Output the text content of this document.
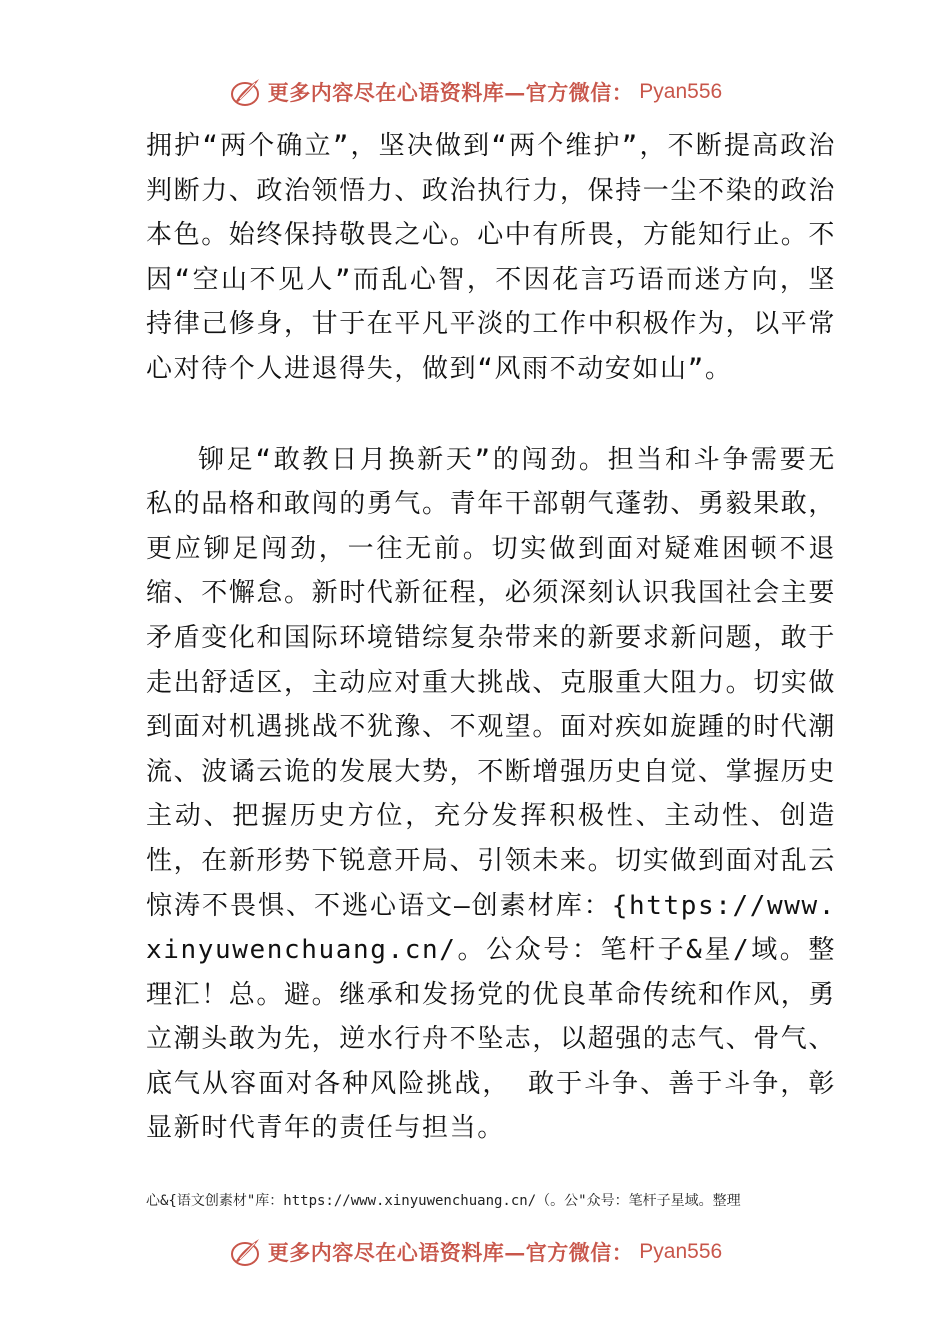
更多内容尽在心语资料库—官方微信： Pyan556

拥护“两个确立”，坚决做到“两个维护”，不断提高政治判断力、政治领悟力、政治执行力，保持一尘不染的政治本色。始终保持敬畏之心。心中有所畏，方能知行止。不因“空山不见人”而乱心智，不因花言巧语而迷方向，坚持律己修身，甘于在平凡平淡的工作中积极作为，以平常心对待个人进退得失，做到“风雨不动安如山”。

铆足“敢教日月换新天”的闯劲。担当和斗争需要无私的品格和敢闯的勇气。青年干部朝气蓬勃、勇毅果敢，更应铆足闯劲，一往无前。切实做到面对疑难困顿不退缩、不懈怠。新时代新征程，必须深刻认识我国社会主要矛盾变化和国际环境错综复杂带来的新要求新问题，敢于走出舒适区，主动应对重大挑战、克服重大阻力。切实做到面对机遇挑战不犹豫、不观望。面对疾如旋踵的时代潮流、波谲云诡的发展大势，不断增强历史自觉、掌握历史主动、把握历史方位，充分发挥积极性、主动性、创造性，在新形势下锐意开局、引领未来。切实做到面对乱云惊涛不畏惧、不逃心语文—创素材库：{https://www.xinyuwenchuang.cn/。公众号：笔杆子&星/域。整理汇！总。避。继承和发扬党的优良革命传统和作风，勇立潮头敢为先，逆水行舟不坠志，以超强的志气、骨气、底气从容面对各种风险挑战， 敢于斗争、善于斗争，彰显新时代青年的责任与担当。

心&{语文创素材"库：https://www.xinyuwenchuang.cn/（。公"众号：笔杆子星域。整理
更多内容尽在心语资料库—官方微信： Pyan556
